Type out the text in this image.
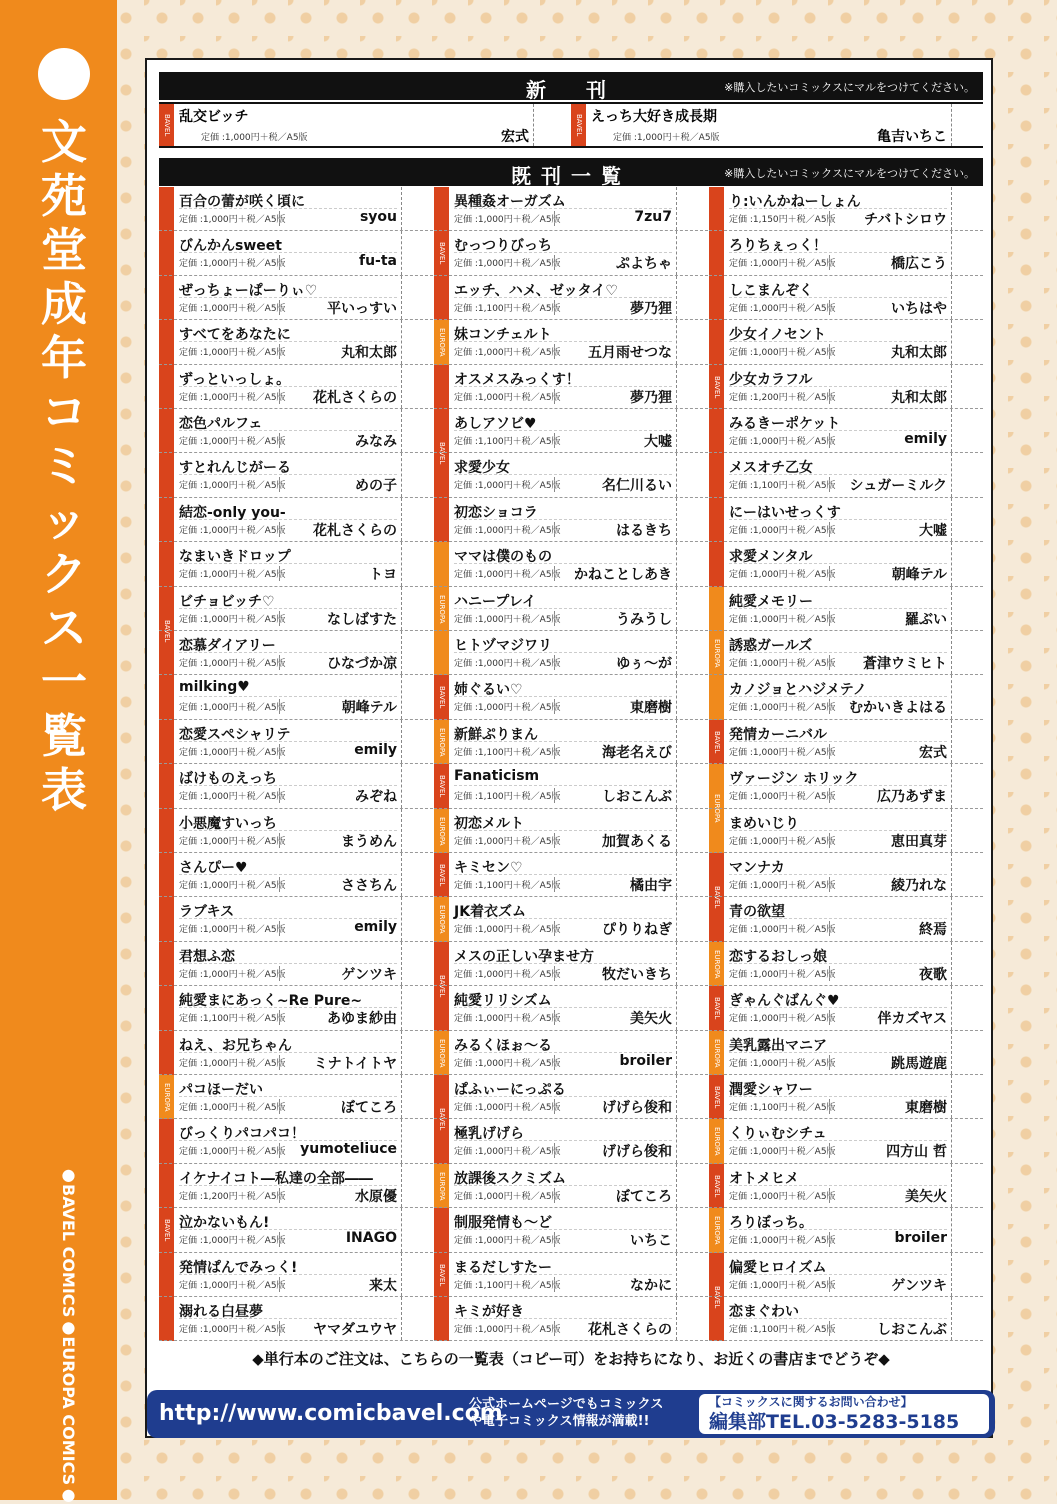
文
苑
堂
成
年
コ
ミ
ッ
ク
ス
一
覧
表
●BAVEL COMICS●EUROPA COMICS●
新　刊	※購入したいコミックスにマルをつけてください。
BAVEL COMICS	乱交ビッチ
定価 :1,000円＋税／A5版	宏式
BAVEL COMICS	えっち大好き成長期
定価 :1,000円＋税／A5版	亀吉いちこ
既刊一覧	※購入したいコミックスにマルをつけてください。
BAVEL
EUROPA
BAVEL
百合の蕾が咲く頃に
定価 :1,000円＋税／A5版	syou
びんかんsweet
定価 :1,000円＋税／A5版	fu-ta
ぜっちょーぱーりぃ♡
定価 :1,000円＋税／A5版	平いっすい
すべてをあなたに
定価 :1,000円＋税／A5版	丸和太郎
ずっといっしょ。
定価 :1,000円＋税／A5版 花札さくらの
恋色パルフェ
定価 :1,000円＋税／A5版	みなみ
すとれんじがーる
定価 :1,000円＋税／A5版	めの子
結恋-only you-
定価 :1,000円＋税／A5版 花札さくらの
なまいきドロップ
定価 :1,000円＋税／A5版	トヨ
ビチョビッチ♡
定価 :1,000円＋税／A5版	なしばすた
恋慕ダイアリー
定価 :1,000円＋税／A5版	ひなづか凉
milking♥
定価 :1,000円＋税／A5版	朝峰テル
恋愛スペシャリテ
定価 :1,000円＋税／A5版	emily
ばけものえっち
定価 :1,000円＋税／A5版	みぞね
小悪魔すいっち
定価 :1,000円＋税／A5版	まうめん
さんぴー♥
定価 :1,000円＋税／A5版	ささちん
ラブキス
定価 :1,000円＋税／A5版	emily
君想ふ恋
定価 :1,000円＋税／A5版	ゲンツキ
純愛まにあっく~Re Pure~
定価 :1,100円＋税／A5版	あゆま紗由
ねえ、お兄ちゃん
定価 :1,000円＋税／A5版 ミナトイトヤ
パコほーだい
定価 :1,000円＋税／A5版	ぼてころ
びっくりパコパコ！
定価 :1,000円＋税／A5版 yumoteliuce
イケナイコト―私達の全部――
定価 :1,200円＋税／A5版	水原優
泣かないもん!
定価 :1,000円＋税／A5版	INAGO
発情ぱんでみっく!
定価 :1,000円＋税／A5版	来太
溺れる白昼夢
定価 :1,000円＋税／A5版 ヤマダユウヤ
BAVEL
EUROPA
BAVEL
EUROPA
BAVEL
EUROPA
BAVEL
EUROPA
BAVEL
EUROPA
BAVEL
EUROPA
BAVEL
EUROPA
BAVEL
異種姦オーガズム
定価 :1,000円＋税／A5版	7zu7
むっつりびっち
定価 :1,000円＋税／A5版	ぷよちゃ
エッチ、ハメ、ゼッタイ♡
定価 :1,100円＋税／A5版	夢乃狸
妹コンチェルト
定価 :1,000円＋税／A5版 五月雨せつな
オスメスみっくす！
定価 :1,000円＋税／A5版	夢乃狸
あしアソビ♥
定価 :1,100円＋税／A5版	大嘘
求愛少女
定価 :1,000円＋税／A5版	名仁川るい
初恋ショコラ
定価 :1,000円＋税／A5版	はるきち
ママは僕のもの
定価 :1,000円＋税／A5版 かねことしあき
ハニープレイ
定価 :1,000円＋税／A5版	うみうし
ヒトヅマジワリ
定価 :1,000円＋税／A5版	ゆぅ～が
姉ぐるい♡
定価 :1,000円＋税／A5版	東磨樹
新鮮ぷりまん
定価 :1,100円＋税／A5版	海老名えび
Fanaticism
定価 :1,100円＋税／A5版	しおこんぶ
初恋メルト
定価 :1,000円＋税／A5版	加賀あくる
キミセン♡
定価 :1,100円＋税／A5版	橘由宇
JK着衣ズム
定価 :1,000円＋税／A5版	ぴりりねぎ
メスの正しい孕ませ方
定価 :1,000円＋税／A5版	牧だいきち
純愛リリシズム
定価 :1,000円＋税／A5版	美矢火
みるくほぉ～る
定価 :1,000円＋税／A5版	broiler
ぱふぃーにっぷる
定価 :1,000円＋税／A5版	げげら俊和
極乳げげら
定価 :1,000円＋税／A5版	げげら俊和
放課後スクミズム
定価 :1,000円＋税／A5版	ぼてころ
制服発情も～ど
定価 :1,000円＋税／A5版	いちこ
まるだしすたー
定価 :1,100円＋税／A5版	なかに
キミが好き
定価 :1,000円＋税／A5版 花札さくらの
BAVEL
EUROPA
BAVEL
EUROPA
BAVEL
EUROPA
BAVEL
EUROPA
BAVEL
EUROPA
BAVEL
EUROPA
BAVEL
り:いんかねーしょん
定価 :1,150円＋税／A5版 チバトシロウ
ろりちぇっく！
定価 :1,000円＋税／A5版	橋広こう
しこまんぞく
定価 :1,000円＋税／A5版	いちはや
少女イノセント
定価 :1,000円＋税／A5版	丸和太郎
少女カラフル
定価 :1,200円＋税／A5版	丸和太郎
みるきーポケット
定価 :1,000円＋税／A5版	emily
メスオチ乙女
定価 :1,100円＋税／A5版 シュガーミルク
にーはいせっくす
定価 :1,000円＋税／A5版	大嘘
求愛メンタル
定価 :1,000円＋税／A5版	朝峰テル
純愛メモリー
定価 :1,000円＋税／A5版	羅ぶい
誘惑ガールズ
定価 :1,000円＋税／A5版 蒼津ウミヒト
カノジョとハジメテノ
定価 :1,000円＋税／A5版 むかいきよはる
発情カーニバル
定価 :1,000円＋税／A5版	宏式
ヴァージン ホリック
定価 :1,000円＋税／A5版	広乃あずま
まめいじり
定価 :1,000円＋税／A5版	恵田真芽
マンナカ
定価 :1,000円＋税／A5版	綾乃れな
青の欲望
定価 :1,000円＋税／A5版	終焉
恋するおしっ娘
定価 :1,000円＋税／A5版	夜歌
ぎゃんぐばんぐ♥
定価 :1,000円＋税／A5版	伴カズヤス
美乳露出マニア
定価 :1,000円＋税／A5版	跳馬遊鹿
潤愛シャワー
定価 :1,100円＋税／A5版	東磨樹
くりぃむシチュ
定価 :1,000円＋税／A5版	四方山 哲
オトメヒメ
定価 :1,000円＋税／A5版	美矢火
ろりぼっち。
定価 :1,000円＋税／A5版	broiler
偏愛ヒロイズム
定価 :1,000円＋税／A5版	ゲンツキ
恋まぐわい
定価 :1,100円＋税／A5版	しおこんぶ
◆単行本のご注文は、こちらの一覧表（コピー可）をお持ちになり、お近くの書店までどうぞ◆
http://www.comicbavel.com
公式ホームページでもコミックス
や電子コミックス情報が満載!!
【コミックスに関するお問い合わせ】
編集部TEL.03-5283-5185
